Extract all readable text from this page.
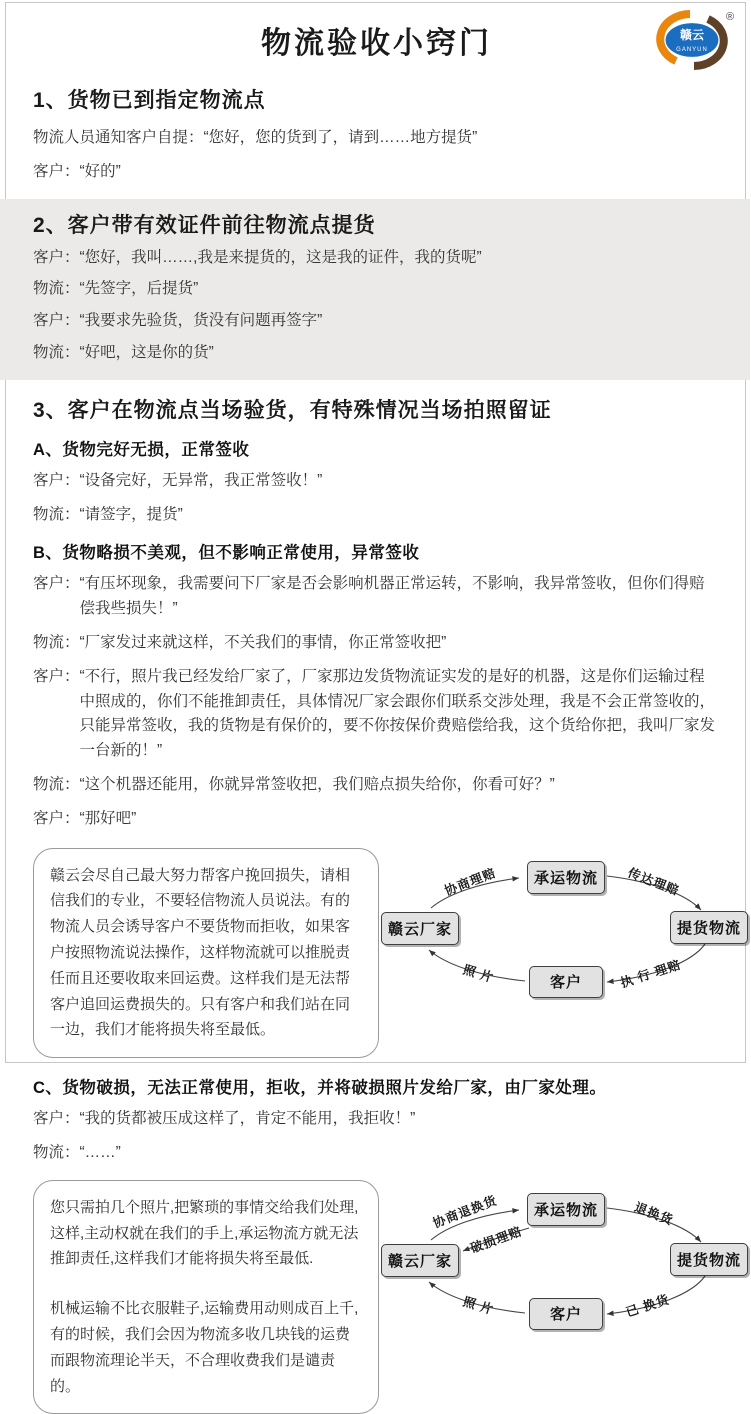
赣云
GANYUN
®
物流验收小窍门
1、货物已到指定物流点
物流人员通知客户自提： “您好，您的货到了，请到……地方提货”
客户： “好的”
2、客户带有效证件前往物流点提货
客户： “您好，我叫……,我是来提货的，这是我的证件，我的货呢”
物流： “先签字，后提货”
客户： “我要求先验货，货没有问题再签字”
物流： “好吧，这是你的货”
3、客户在物流点当场验货，有特殊情况当场拍照留证
A、货物完好无损，正常签收
客户： “设备完好，无异常，我正常签收！”
物流： “请签字，提货”
B、货物略损不美观，但不影响正常使用，异常签收
客户： “有压坏现象，我需要问下厂家是否会影响机器正常运转，不影响，我异常签收，但你们得赔偿我些损失！”
物流： “厂家发过来就这样，不关我们的事情，你正常签收把”
客户： “不行，照片我已经发给厂家了，厂家那边发货物流证实发的是好的机器，这是你们运输过程中照成的，你们不能推卸责任，具体情况厂家会跟你们联系交涉处理，我是不会正常签收的，只能异常签收，我的货物是有保价的，要不你按保价费赔偿给我，这个货给你把，我叫厂家发一台新的！”
物流： “这个机器还能用，你就异常签收把，我们赔点损失给你，你看可好？”
客户： “那好吧”

赣云会尽自己最大努力帮客户挽回损失，请相信我们的专业，不要轻信物流人员说法。有的物流人员会诱导客户不要货物而拒收，如果客户按照物流说法操作，这样物流就可以推脱责任而且还要收取来回运费。这样我们是无法帮客户追回运费损失的。只有客户和我们站在同一边，我们才能将损失将至最低。

赣云厂家
承运物流
提货物流
客户
协商理赔	传达理赔
执 行 理赔
照 片
C、货物破损，无法正常使用，拒收，并将破损照片发给厂家，由厂家处理。
客户： “我的货都被压成这样了，肯定不能用，我拒收！”
物流： “……”

您只需拍几个照片,把繁琐的事情交给我们处理,这样,主动权就在我们的手上,承运物流方就无法推卸责任,这样我们才能将损失将至最低.

机械运输不比衣服鞋子,运输费用动则成百上千,有的时候，我们会因为物流多收几块钱的运费而跟物流理论半天，不合理收费我们是谴责的。

赣云厂家
承运物流
提货物流
客户
协商退换货	退换货
破损理赔
已 换货
照 片
